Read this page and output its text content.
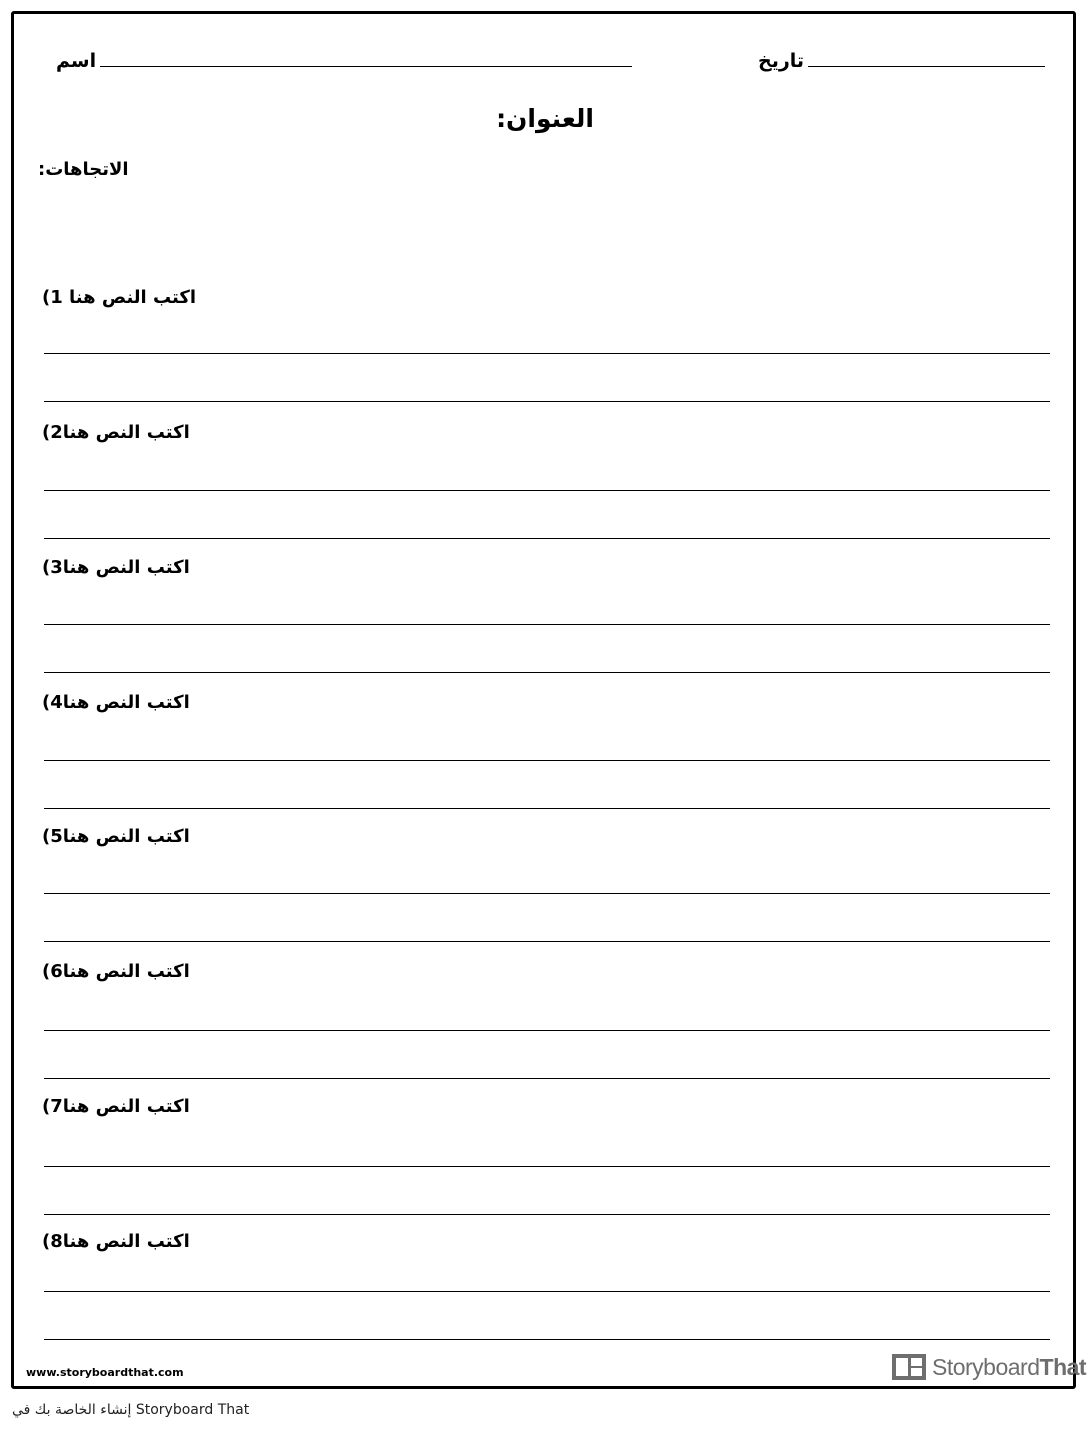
اسم	تاريخ
العنوان:
الاتجاهات:
اكتب النص هنا 1)
اكتب النص هنا2)
اكتب النص هنا3)
اكتب النص هنا4)
اكتب النص هنا5)
اكتب النص هنا6)
اكتب النص هنا7)
اكتب النص هنا8)
www.storyboardthat.com	StoryboardThat
إنشاء الخاصة بك في Storyboard That
